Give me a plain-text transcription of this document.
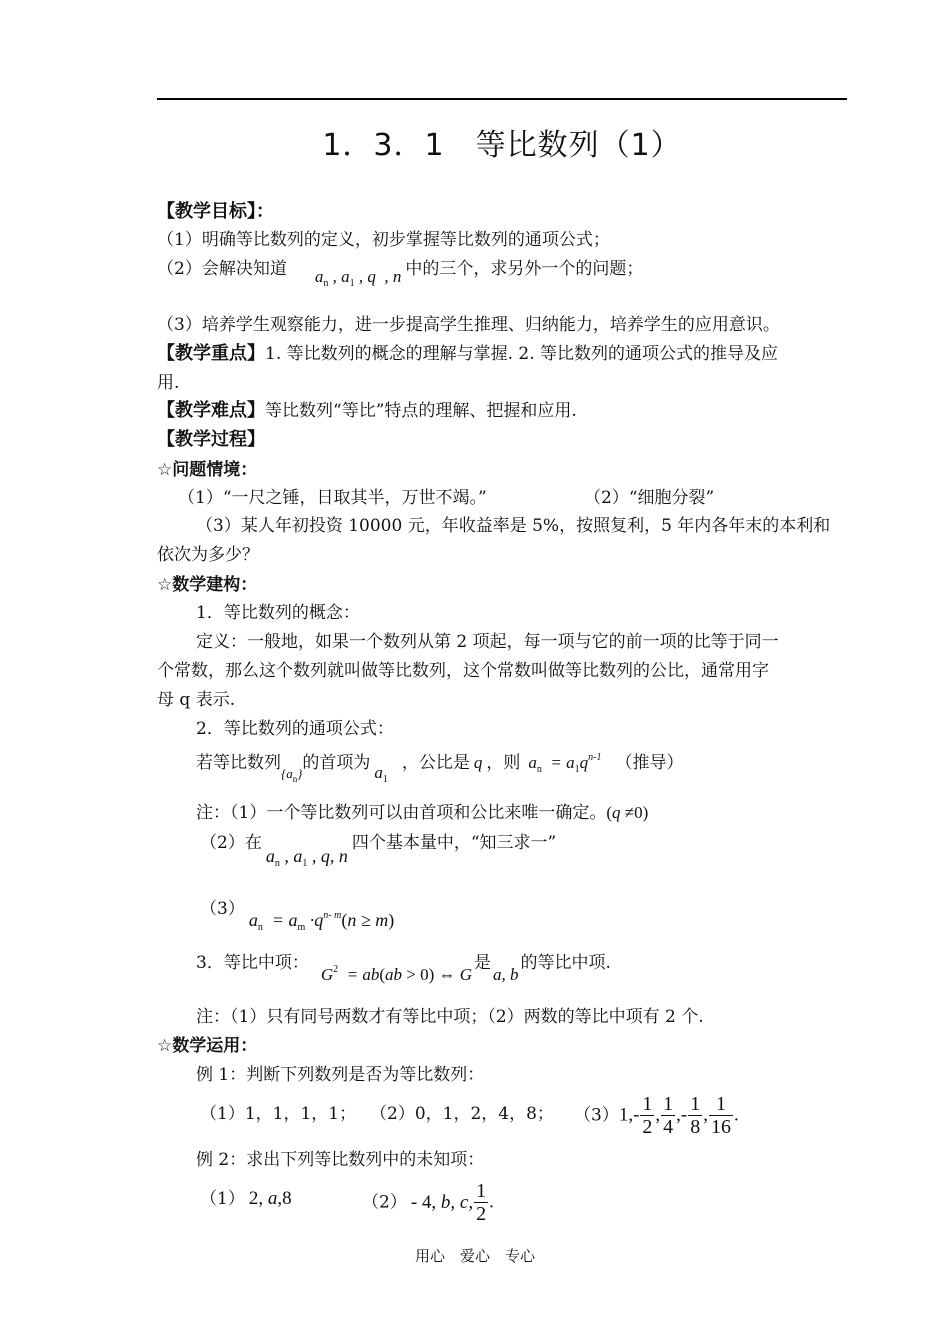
1．3．1　等比数列（1）
【教学目标】：
（1）明确等比数列的定义，初步掌握等比数列的通项公式；
（2）会解决知道 $a_n$ , $a_1$ , q  , n 中的三个，求另外一个的问题；
（3）培养学生观察能力，进一步提高学生推理、归纳能力，培养学生的应用意识。
【教学重点】1. 等比数列的概念的理解与掌握. 2. 等比数列的通项公式的推导及应
用.
【教学难点】等比数列“等比”特点的理解、把握和应用.
【教学过程】
☆问题情境：
（1）“一尺之锤，日取其半，万世不竭。”	（2）“细胞分裂”
（3）某人年初投资 10000 元，年收益率是 5%，按照复利，5 年内各年末的本利和
依次为多少？
☆数学建构：
1．等比数列的概念：
定义：一般地，如果一个数列从第 2 项起，每一项与它的前一项的比等于同一
个常数，那么这个数列就叫做等比数列，这个常数叫做等比数列的公比，通常用字
母 q 表示.
2．等比数列的通项公式：
若等比数列$_{\{a_n\}}$的首项为 $a_1$，公比是 q ，则 $a_n = a_1q^{n-1}$ （推导）
注：（1）一个等比数列可以由首项和公比来唯一确定。(q ≠0)
（2）在$a_n$ , $a_1$ , q, n四个基本量中，“知三求一”
$(3)a_n = a_m \cdot q^{n- m}(n \ge m)$
3．等比中项：$G^2 = ab(ab > 0)$ ⇔ G是a, b的等比中项.
注：（1）只有同号两数才有等比中项；（2）两数的等比中项有 2 个.
☆数学运用：
例 1：判断下列数列是否为等比数列：
（1）1，1，1，1； （2）0，1，2，4，8； $(3)1,- \frac{1}{2}$ , $\frac{1}{4}$ ,- $\frac{1}{8}$ , $\frac{1}{16}$ .
例 2：求出下列等比数列中的未知项：
（1） 2, a,8	（2） - 4, b, c, $\frac{1}{2}$ .
用心　爱心　专心
